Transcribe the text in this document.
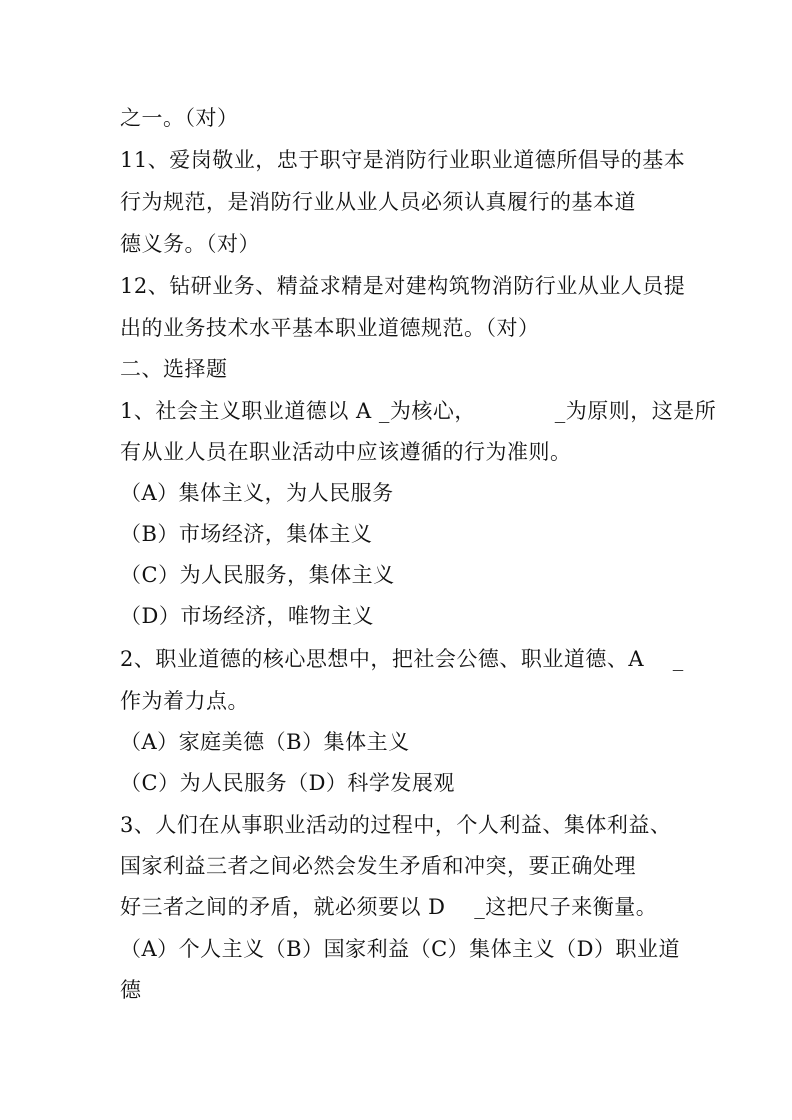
之一。（对）
11、爱岗敬业，忠于职守是消防行业职业道德所倡导的基本
行为规范，是消防行业从业人员必须认真履行的基本道
德义务。（对）
12、钻研业务、精益求精是对建构筑物消防行业从业人员提
出的业务技术水平基本职业道德规范。（对）
二、选择题
1、社会主义职业道德以 A _为核心，           _为原则，这是所
有从业人员在职业活动中应该遵循的行为准则。
（A）集体主义，为人民服务
（B）市场经济，集体主义
（C）为人民服务，集体主义
（D）市场经济，唯物主义
2、职业道德的核心思想中，把社会公德、职业道德、A    _
作为着力点。
（A）家庭美德（B）集体主义
（C）为人民服务（D）科学发展观
3、人们在从事职业活动的过程中，个人利益、集体利益、
国家利益三者之间必然会发生矛盾和冲突，要正确处理
好三者之间的矛盾，就必须要以 D    _这把尺子来衡量。
（A）个人主义（B）国家利益（C）集体主义（D）职业道
德
